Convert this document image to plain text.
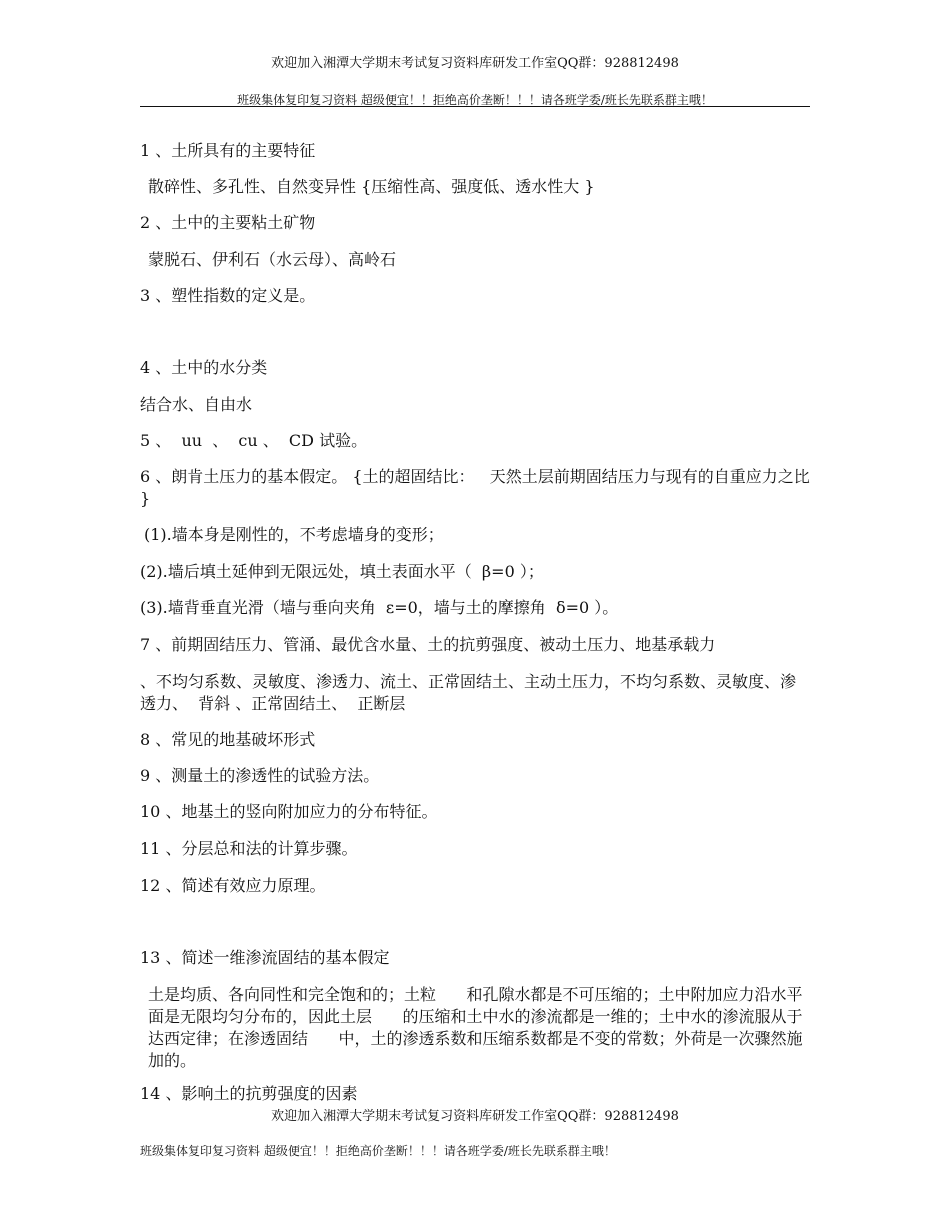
欢迎加入湘潭大学期末考试复习资料库研发工作室QQ群：928812498
班级集体复印复习资料 超级便宜！！拒绝高价垄断！！！请各班学委/班长先联系群主哦！
1 、土所具有的主要特征
散碎性、多孔性、自然变异性 {压缩性高、强度低、透水性大 }
2 、土中的主要粘土矿物
蒙脱石、伊利石（水云母）、高岭石
3 、塑性指数的定义是。
4 、土中的水分类
结合水、自由水
5 、  uu  、  cu 、  CD 试验。
6 、朗肯土压力的基本假定。 {土的超固结比：   天然土层前期固结压力与现有的自重应力之比 }
(1).墙本身是刚性的，不考虑墙身的变形；
(2).墙后填土延伸到无限远处，填土表面水平（  β=0 ）；
(3).墙背垂直光滑（墙与垂向夹角  ε=0，墙与土的摩擦角  δ=0 ）。
7 、前期固结压力、管涌、最优含水量、土的抗剪强度、被动土压力、地基承载力
、不均匀系数、灵敏度、渗透力、流土、正常固结土、主动土压力，不均匀系数、灵敏度、渗透力、  背斜 、正常固结土、  正断层
8 、常见的地基破坏形式
9 、测量土的渗透性的试验方法。
10 、地基土的竖向附加应力的分布特征。
11 、分层总和法的计算步骤。
12 、简述有效应力原理。
13 、简述一维渗流固结的基本假定
土是均质、各向同性和完全饱和的；土粒      和孔隙水都是不可压缩的；土中附加应力沿水平面是无限均匀分布的，因此土层      的压缩和土中水的渗流都是一维的；土中水的渗流服从于达西定律；在渗透固结      中，土的渗透系数和压缩系数都是不变的常数；外荷是一次骤然施加的。
14 、影响土的抗剪强度的因素
欢迎加入湘潭大学期末考试复习资料库研发工作室QQ群：928812498
班级集体复印复习资料 超级便宜！！拒绝高价垄断！！！请各班学委/班长先联系群主哦！
